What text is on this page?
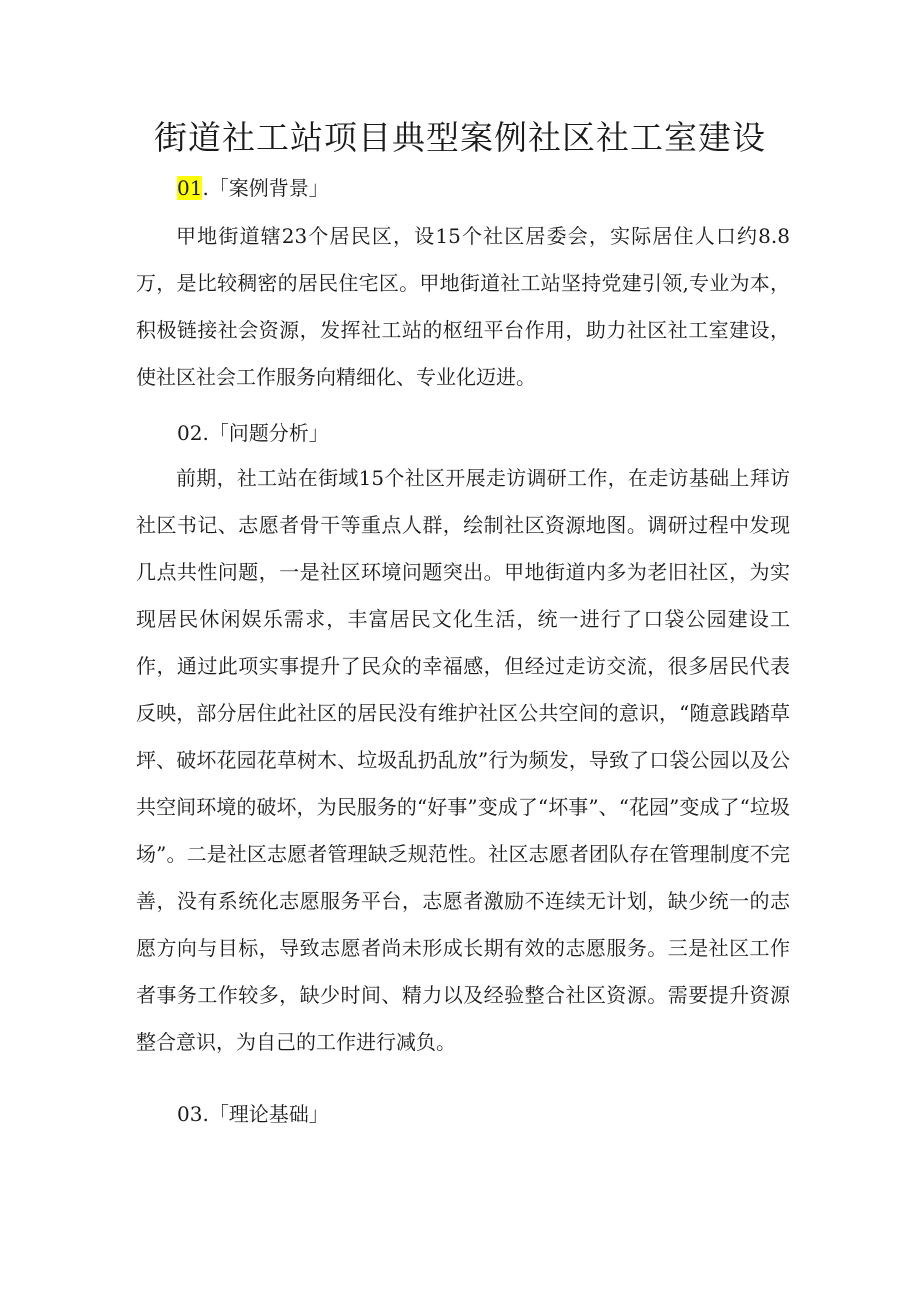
街道社工站项目典型案例社区社工室建设

01.「案例背景」

甲地街道辖23个居民区，设15个社区居委会，实际居住人口约8.8万，是比较稠密的居民住宅区。甲地街道社工站坚持党建引领,专业为本，积极链接社会资源，发挥社工站的枢纽平台作用，助力社区社工室建设，使社区社会工作服务向精细化、专业化迈进。

02.「问题分析」

前期，社工站在街域15个社区开展走访调研工作，在走访基础上拜访社区书记、志愿者骨干等重点人群，绘制社区资源地图。调研过程中发现几点共性问题，一是社区环境问题突出。甲地街道内多为老旧社区，为实现居民休闲娱乐需求，丰富居民文化生活，统一进行了口袋公园建设工作，通过此项实事提升了民众的幸福感，但经过走访交流，很多居民代表反映，部分居住此社区的居民没有维护社区公共空间的意识，“随意践踏草坪、破坏花园花草树木、垃圾乱扔乱放”行为频发，导致了口袋公园以及公共空间环境的破坏，为民服务的“好事”变成了“坏事”、“花园”变成了“垃圾场”。二是社区志愿者管理缺乏规范性。社区志愿者团队存在管理制度不完善，没有系统化志愿服务平台，志愿者激励不连续无计划，缺少统一的志愿方向与目标，导致志愿者尚未形成长期有效的志愿服务。三是社区工作者事务工作较多，缺少时间、精力以及经验整合社区资源。需要提升资源整合意识，为自己的工作进行减负。

03.「理论基础」
